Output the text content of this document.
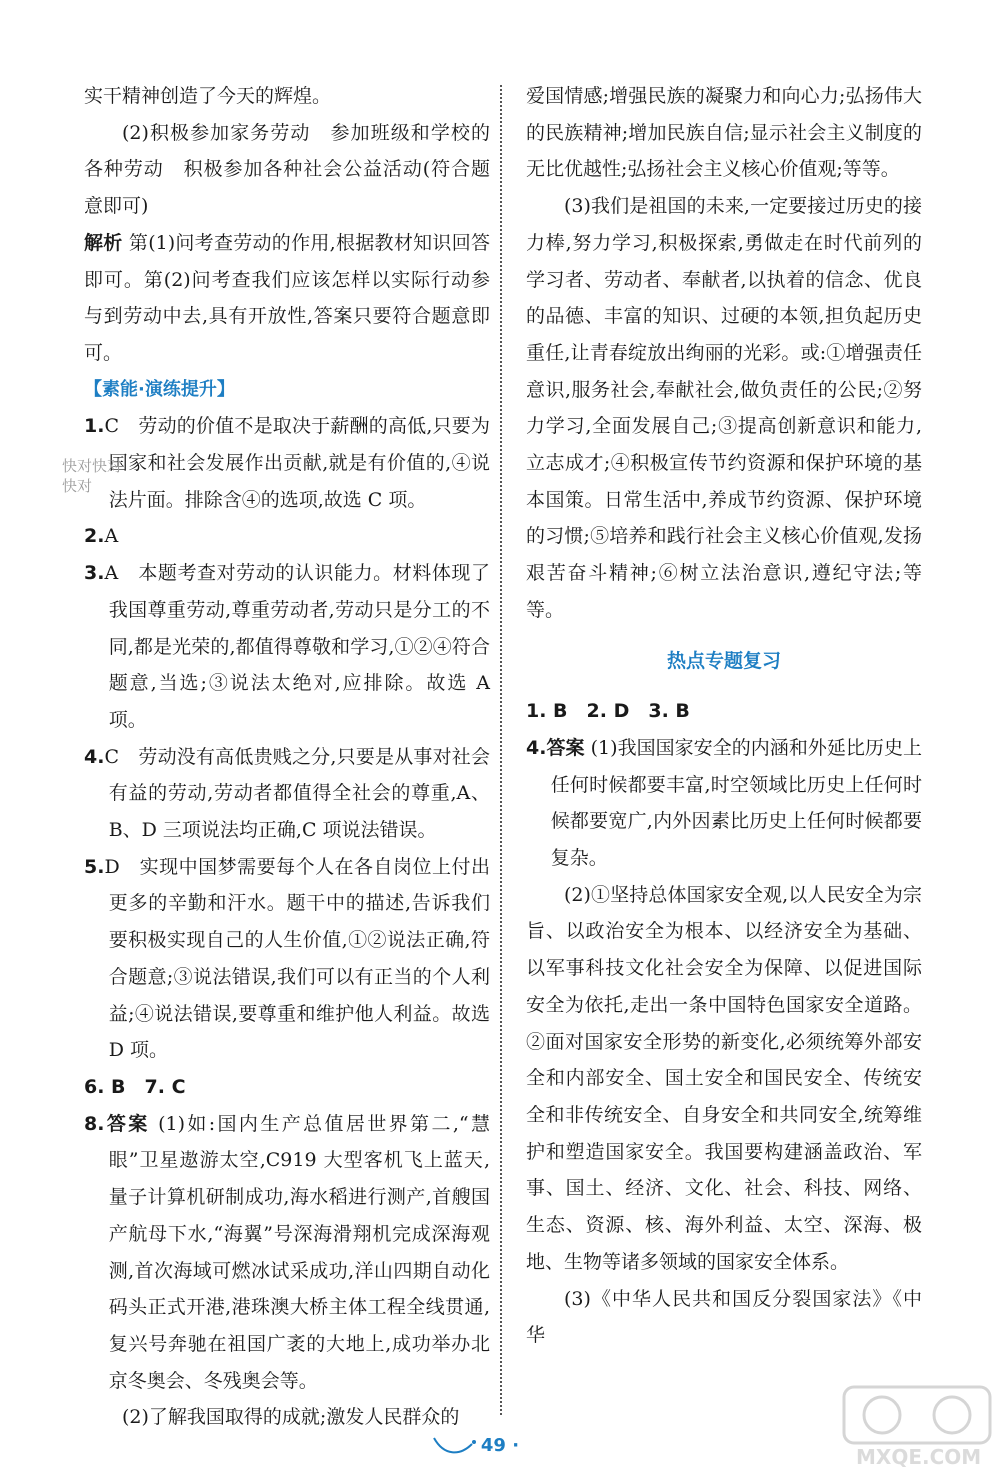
实干精神创造了今天的辉煌。

(2)积极参加家务劳动　参加班级和学校的各种劳动　积极参加各种社会公益活动(符合题意即可)

解析 第(1)问考查劳动的作用,根据教材知识回答即可。第(2)问考查我们应该怎样以实际行动参与到劳动中去,具有开放性,答案只要符合题意即可。

【素能·演练提升】

1.C　劳动的价值不是取决于薪酬的高低,只要为国家和社会发展作出贡献,就是有价值的,④说法片面。排除含④的选项,故选 C 项。

2.A

3.A　本题考查对劳动的认识能力。材料体现了我国尊重劳动,尊重劳动者,劳动只是分工的不同,都是光荣的,都值得尊敬和学习,①②④符合题意,当选;③说法太绝对,应排除。故选 A 项。

4.C　劳动没有高低贵贱之分,只要是从事对社会有益的劳动,劳动者都值得全社会的尊重,A、B、D 三项说法均正确,C 项说法错误。

5.D　实现中国梦需要每个人在各自岗位上付出更多的辛勤和汗水。题干中的描述,告诉我们要积极实现自己的人生价值,①②说法正确,符合题意;③说法错误,我们可以有正当的个人利益;④说法错误,要尊重和维护他人利益。故选 D 项。

6. B　7. C

8.答案 (1)如:国内生产总值居世界第二,“慧眼”卫星遨游太空,C919 大型客机飞上蓝天,量子计算机研制成功,海水稻进行测产,首艘国产航母下水,“海翼”号深海滑翔机完成深海观测,首次海域可燃冰试采成功,洋山四期自动化码头正式开港,港珠澳大桥主体工程全线贯通,复兴号奔驰在祖国广袤的大地上,成功举办北京冬奥会、冬残奥会等。

(2)了解我国取得的成就;激发人民群众的

爱国情感;增强民族的凝聚力和向心力;弘扬伟大的民族精神;增加民族自信;显示社会主义制度的无比优越性;弘扬社会主义核心价值观;等等。

(3)我们是祖国的未来,一定要接过历史的接力棒,努力学习,积极探索,勇做走在时代前列的学习者、劳动者、奉献者,以执着的信念、优良的品德、丰富的知识、过硬的本领,担负起历史重任,让青春绽放出绚丽的光彩。或:①增强责任意识,服务社会,奉献社会,做负责任的公民;②努力学习,全面发展自己;③提高创新意识和能力,立志成才;④积极宣传节约资源和保护环境的基本国策。日常生活中,养成节约资源、保护环境的习惯;⑤培养和践行社会主义核心价值观,发扬艰苦奋斗精神;⑥树立法治意识,遵纪守法;等等。

热点专题复习

1. B　2. D　3. B

4.答案 (1)我国国家安全的内涵和外延比历史上任何时候都要丰富,时空领域比历史上任何时候都要宽广,内外因素比历史上任何时候都要复杂。

(2)①坚持总体国家安全观,以人民安全为宗旨、以政治安全为根本、以经济安全为基础、以军事科技文化社会安全为保障、以促进国际安全为依托,走出一条中国特色国家安全道路。②面对国家安全形势的新变化,必须统筹外部安全和内部安全、国土安全和国民安全、传统安全和非传统安全、自身安全和共同安全,统筹维护和塑造国家安全。我国要构建涵盖政治、军事、国土、经济、文化、社会、科技、网络、生态、资源、核、海外利益、太空、深海、极地、生物等诸多领域的国家安全体系。

(3)《中华人民共和国反分裂国家法》《中华

49 ·
快对快对
快对
MXQE.COM
